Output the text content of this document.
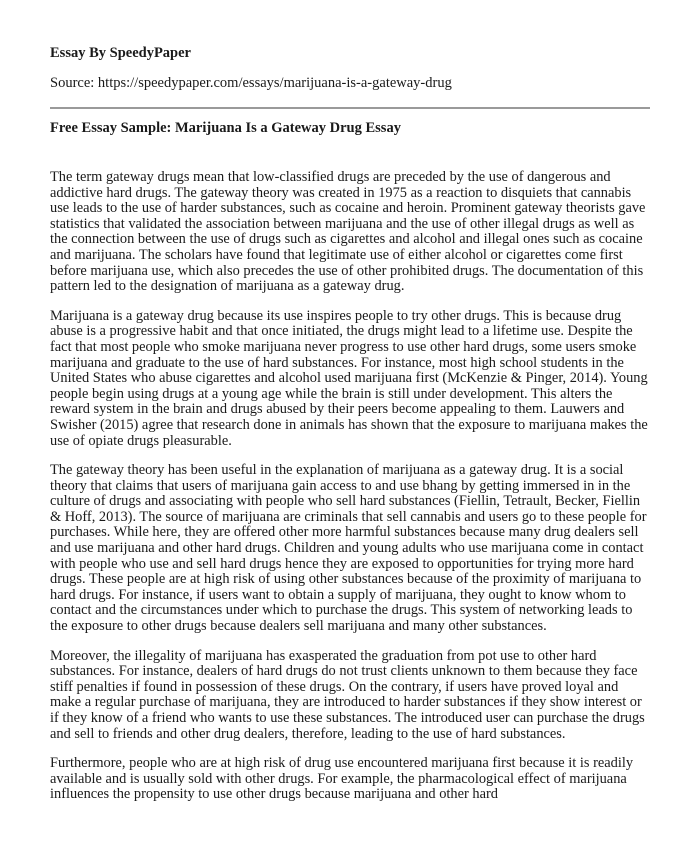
Essay By SpeedyPaper

Source: https://speedypaper.com/essays/marijuana-is-a-gateway-drug

Free Essay Sample: Marijuana Is a Gateway Drug Essay

The term gateway drugs mean that low-classified drugs are preceded by the use of dangerous and addictive hard drugs. The gateway theory was created in 1975 as a reaction to disquiets that cannabis use leads to the use of harder substances, such as cocaine and heroin. Prominent gateway theorists gave statistics that validated the association between marijuana and the use of other illegal drugs as well as the connection between the use of drugs such as cigarettes and alcohol and illegal ones such as cocaine and marijuana. The scholars have found that legitimate use of either alcohol or cigarettes come first before marijuana use, which also precedes the use of other prohibited drugs. The documentation of this pattern led to the designation of marijuana as a gateway drug.

Marijuana is a gateway drug because its use inspires people to try other drugs. This is because drug abuse is a progressive habit and that once initiated, the drugs might lead to a lifetime use. Despite the fact that most people who smoke marijuana never progress to use other hard drugs, some users smoke marijuana and graduate to the use of hard substances. For instance, most high school students in the United States who abuse cigarettes and alcohol used marijuana first (McKenzie & Pinger, 2014). Young people begin using drugs at a young age while the brain is still under development. This alters the reward system in the brain and drugs abused by their peers become appealing to them. Lauwers and Swisher (2015) agree that research done in animals has shown that the exposure to marijuana makes the use of opiate drugs pleasurable.

The gateway theory has been useful in the explanation of marijuana as a gateway drug. It is a social theory that claims that users of marijuana gain access to and use bhang by getting immersed in in the culture of drugs and associating with people who sell hard substances (Fiellin, Tetrault, Becker, Fiellin & Hoff, 2013). The source of marijuana are criminals that sell cannabis and users go to these people for purchases. While here, they are offered other more harmful substances because many drug dealers sell and use marijuana and other hard drugs. Children and young adults who use marijuana come in contact with people who use and sell hard drugs hence they are exposed to opportunities for trying more hard drugs. These people are at high risk of using other substances because of the proximity of marijuana to hard drugs. For instance, if users want to obtain a supply of marijuana, they ought to know whom to contact and the circumstances under which to purchase the drugs. This system of networking leads to the exposure to other drugs because dealers sell marijuana and many other substances.

Moreover, the illegality of marijuana has exasperated the graduation from pot use to other hard substances. For instance, dealers of hard drugs do not trust clients unknown to them because they face stiff penalties if found in possession of these drugs. On the contrary, if users have proved loyal and make a regular purchase of marijuana, they are introduced to harder substances if they show interest or if they know of a friend who wants to use these substances. The introduced user can purchase the drugs and sell to friends and other drug dealers, therefore, leading to the use of hard substances.

Furthermore, people who are at high risk of drug use encountered marijuana first because it is readily available and is usually sold with other drugs. For example, the pharmacological effect of marijuana influences the propensity to use other drugs because marijuana and other hard
